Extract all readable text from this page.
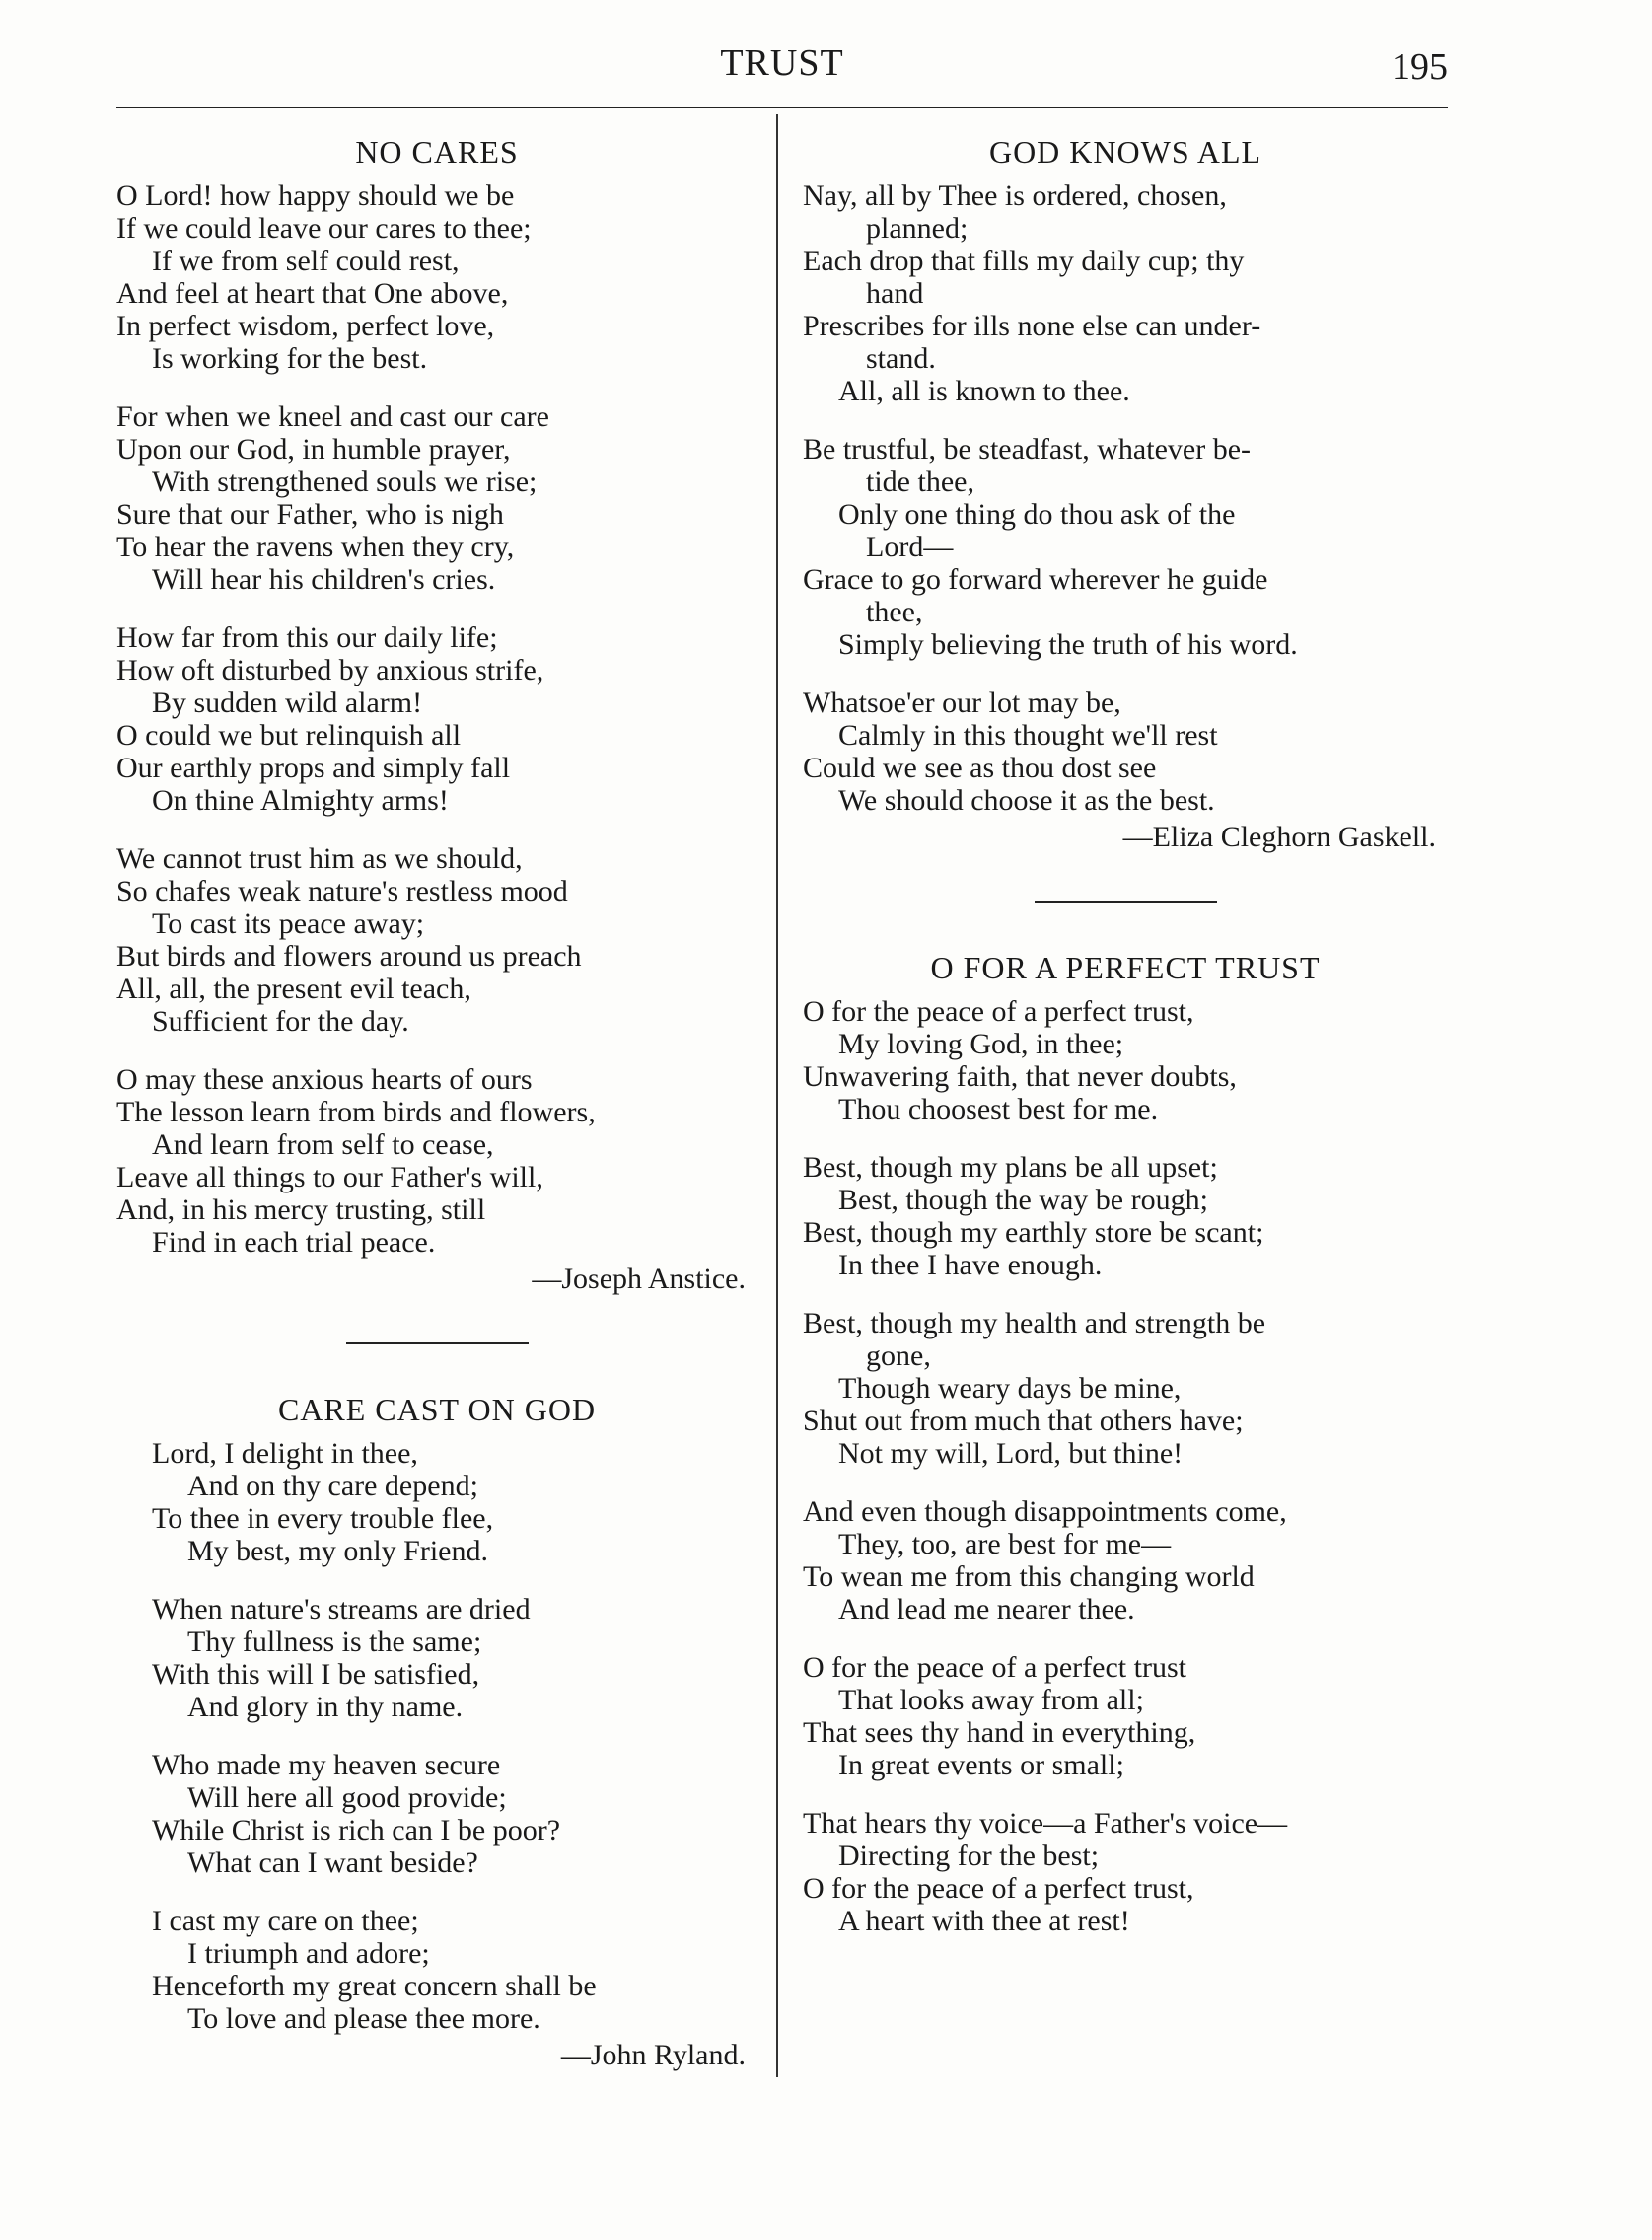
TRUST	195
NO CARES
O Lord! how happy should we be
If we could leave our cares to thee;
If we from self could rest,
And feel at heart that One above,
In perfect wisdom, perfect love,
Is working for the best.
For when we kneel and cast our care
Upon our God, in humble prayer,
With strengthened souls we rise;
Sure that our Father, who is nigh
To hear the ravens when they cry,
Will hear his children's cries.
How far from this our daily life;
How oft disturbed by anxious strife,
By sudden wild alarm!
O could we but relinquish all
Our earthly props and simply fall
On thine Almighty arms!
We cannot trust him as we should,
So chafes weak nature's restless mood
To cast its peace away;
But birds and flowers around us preach
All, all, the present evil teach,
Sufficient for the day.
O may these anxious hearts of ours
The lesson learn from birds and flowers,
And learn from self to cease,
Leave all things to our Father's will,
And, in his mercy trusting, still
Find in each trial peace.
—Joseph Anstice.
CARE CAST ON GOD
Lord, I delight in thee,
And on thy care depend;
To thee in every trouble flee,
My best, my only Friend.
When nature's streams are dried
Thy fullness is the same;
With this will I be satisfied,
And glory in thy name.
Who made my heaven secure
Will here all good provide;
While Christ is rich can I be poor?
What can I want beside?
I cast my care on thee;
I triumph and adore;
Henceforth my great concern shall be
To love and please thee more.
—John Ryland.
GOD KNOWS ALL
Nay, all by Thee is ordered, chosen,
planned;
Each drop that fills my daily cup; thy
hand
Prescribes for ills none else can under-
stand.
All, all is known to thee.
Be trustful, be steadfast, whatever be-
tide thee,
Only one thing do thou ask of the
Lord—
Grace to go forward wherever he guide
thee,
Simply believing the truth of his word.
Whatsoe'er our lot may be,
Calmly in this thought we'll rest
Could we see as thou dost see
We should choose it as the best.
—Eliza Cleghorn Gaskell.
O FOR A PERFECT TRUST
O for the peace of a perfect trust,
My loving God, in thee;
Unwavering faith, that never doubts,
Thou choosest best for me.
Best, though my plans be all upset;
Best, though the way be rough;
Best, though my earthly store be scant;
In thee I have enough.
Best, though my health and strength be
gone,
Though weary days be mine,
Shut out from much that others have;
Not my will, Lord, but thine!
And even though disappointments come,
They, too, are best for me—
To wean me from this changing world
And lead me nearer thee.
O for the peace of a perfect trust
That looks away from all;
That sees thy hand in everything,
In great events or small;
That hears thy voice—a Father's voice—
Directing for the best;
O for the peace of a perfect trust,
A heart with thee at rest!
